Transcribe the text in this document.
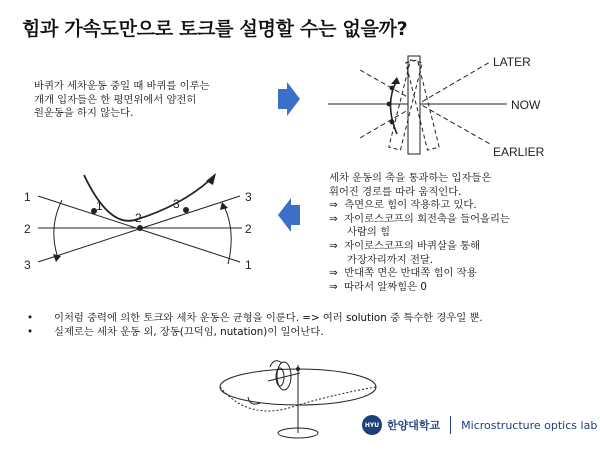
힘과 가속도만으로 토크를 설명할 수는 없을까?
바퀴가 세차운동 중일 때 바퀴를 이루는
개개 입자들은 한 평면위에서 얌전히
원운동을 하지 않는다.
LATER
NOW
EARLIER
1
2
3
3
2
1
1
2
3
세차 운동의 축을 통과하는 입자들은
휘어진 경로를 따라 움직인다.
⇒ 측면으로 힘이 작용하고 있다.
⇒ 자이로스코프의 회전축을 들어올리는
사람의 힘
⇒ 자이로스코프의 바퀴살을 통해
가장자리까지 전달.
⇒ 반대쪽 면은 반대쪽 힘이 작용
⇒ 따라서 알짜힘은 0
•	이처럼 중력에 의한 토크와 세차 운동은 균형을 이룬다. => 여러 solution 중 특수한 경우일 뿐.
•	실제로는 세차 운동 외, 장동(끄덕임, nutation)이 일어난다.
HYU 한양대학교 Microstructure optics lab
